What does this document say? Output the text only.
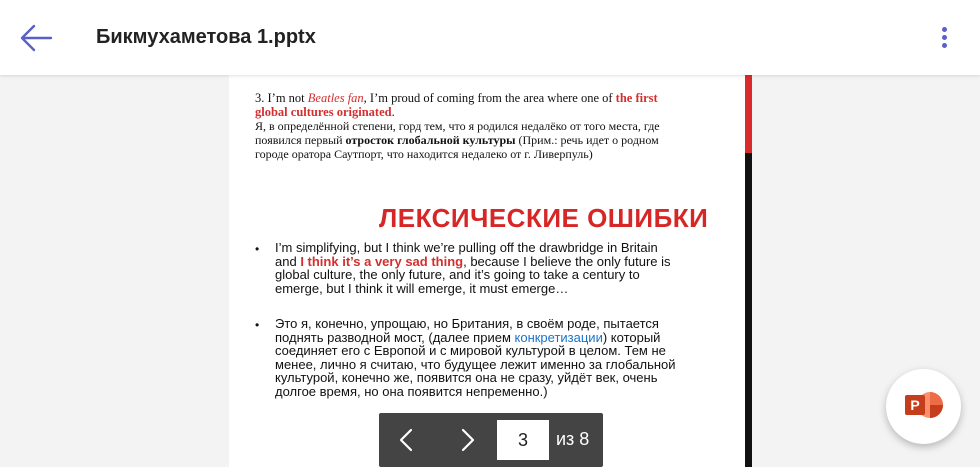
Бикмухаметова 1.pptx
3. I’m not Beatles fan, I’m proud of coming from the area where one of the first global cultures originated.
Я, в определённой степени, горд тем, что я родился недалёко от того места, где появился первый отросток глобальной культуры (Прим.: речь идет о родном городе оратора Саутпорт, что находится недалеко от г. Ливерпуль)
ЛЕКСИЧЕСКИЕ ОШИБКИ
• I’m simplifying, but I think we’re pulling off the drawbridge in Britain and I think it’s a very sad thing, because I believe the only future is global culture, the only future, and it’s going to take a century to emerge, but I think it will emerge, it must emerge…
• Это я, конечно, упрощаю, но Британия, в своём роде, пытается поднять разводной мост, (далее прием конкретизации) который соединяет его с Европой и с мировой культурой в целом. Тем не менее, лично я считаю, что будущее лежит именно за глобальной культурой, конечно же, появится она не сразу, уйдёт век, очень долгое время, но она появится непременно.)
3
из 8
P
